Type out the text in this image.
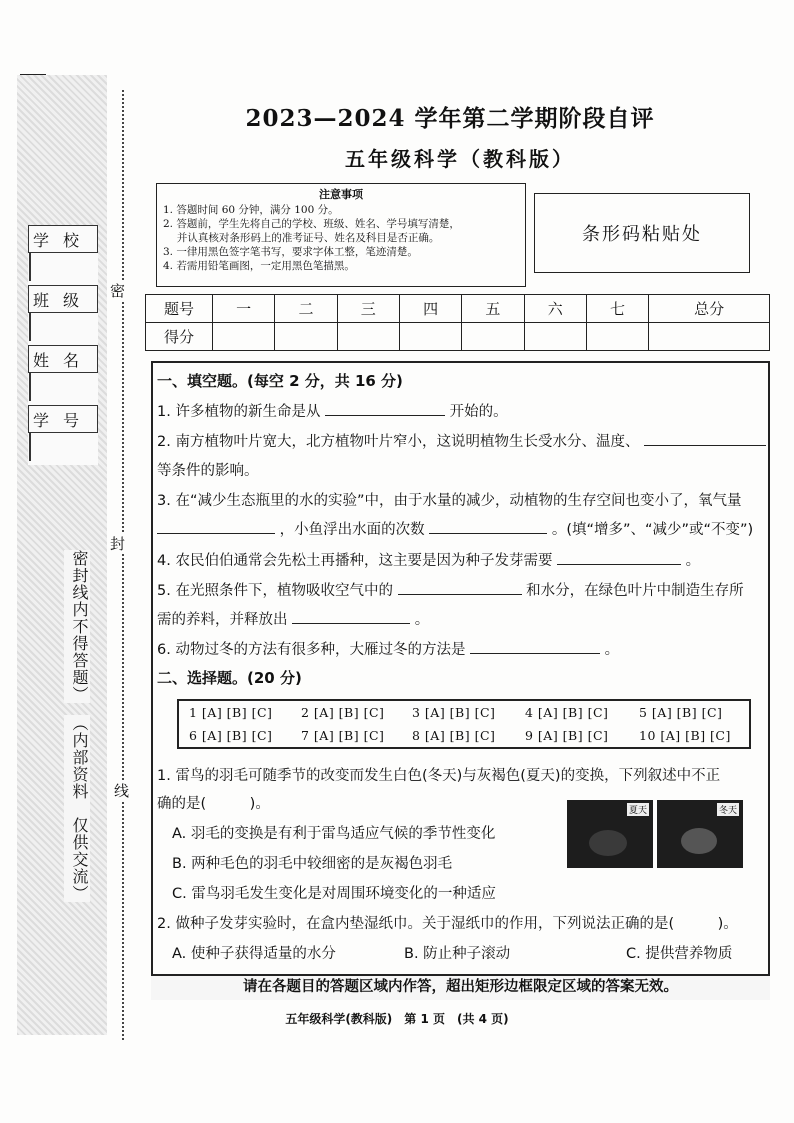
学校

班级

姓名

学号

密封线内不得答题）
（内部资料　仅供交流）
密
封
线
2023—2024 学年第二学期阶段自评
五年级科学（教科版）
注意事项
1. 答题时间 60 分钟，满分 100 分。
2. 答题前，学生先将自己的学校、班级、姓名、学号填写清楚，
　 并认真核对条形码上的准考证号、姓名及科目是否正确。
3. 一律用黑色签字笔书写，要求字体工整，笔迹清楚。
4. 若需用铅笔画图，一定用黑色笔描黑。
条形码粘贴处
题号	一	二	三	四	五	六	七	总分
得分								
一、填空题。(每空 2 分，共 16 分)
1. 许多植物的新生命是从	开始的。
2. 南方植物叶片宽大，北方植物叶片窄小，这说明植物生长受水分、温度、
等条件的影响。
3. 在“减少生态瓶里的水的实验”中，由于水量的减少，动植物的生存空间也变小了，氧气量
，小鱼浮出水面的次数	。(填“增多”、“减少”或“不变”)
4. 农民伯伯通常会先松土再播种，这主要是因为种子发芽需要	。
5. 在光照条件下，植物吸收空气中的	和水分，在绿色叶片中制造生存所
需的养料，并释放出	。
6. 动物过冬的方法有很多种，大雁过冬的方法是	。
二、选择题。(20 分)
1 [A] [B] [C] 2 [A] [B] [C] 3 [A] [B] [C] 4 [A] [B] [C] 5 [A] [B] [C]
6 [A] [B] [C] 7 [A] [B] [C] 8 [A] [B] [C] 9 [A] [B] [C] 10 [A] [B] [C]
1. 雷鸟的羽毛可随季节的改变而发生白色(冬天)与灰褐色(夏天)的变换，下列叙述中不正
确的是(　　　)。
A. 羽毛的变换是有利于雷鸟适应气候的季节性变化
B. 两种毛色的羽毛中较细密的是灰褐色羽毛
C. 雷鸟羽毛发生变化是对周围环境变化的一种适应
夏天	冬天
2. 做种子发芽实验时，在盒内垫湿纸巾。关于湿纸巾的作用，下列说法正确的是(　　　)。
A. 使种子获得适量的水分	B. 防止种子滚动	C. 提供营养物质
请在各题目的答题区域内作答，超出矩形边框限定区域的答案无效。
五年级科学(教科版)　第 1 页　(共 4 页)
